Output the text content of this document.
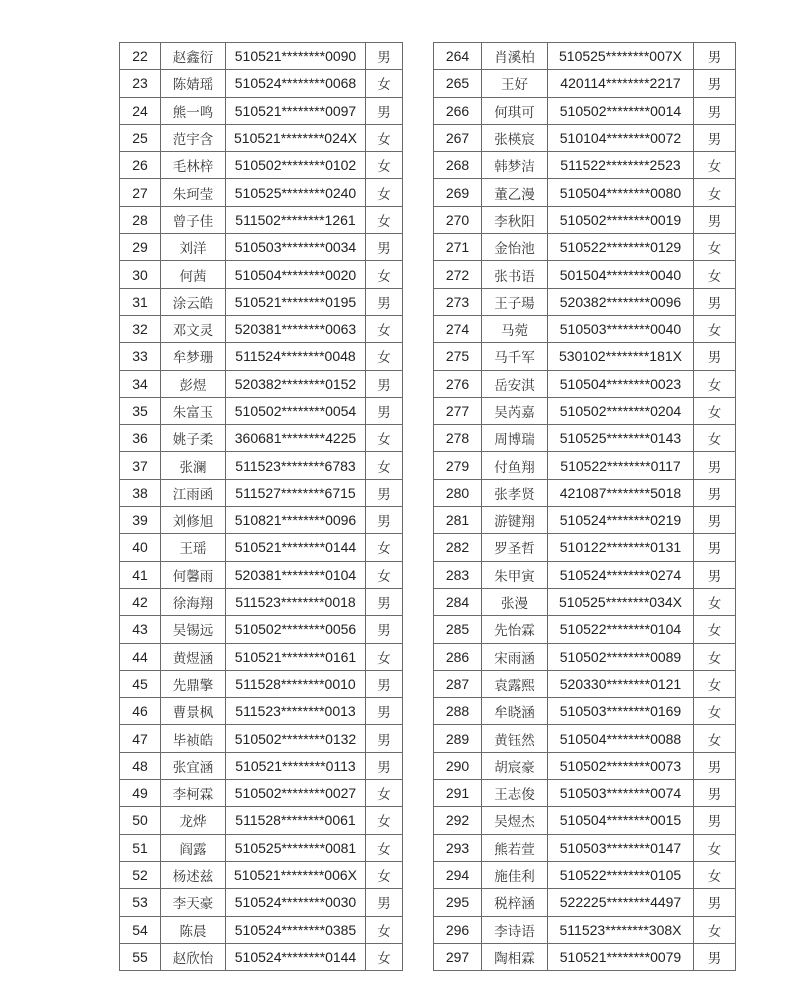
22	赵鑫衍	510521********0090	男
23	陈婧瑶	510524********0068	女
24	熊一鸣	510521********0097	男
25	范宇含	510521********024X	女
26	毛林梓	510502********0102	女
27	朱珂莹	510525********0240	女
28	曾子佳	511502********1261	女
29	刘洋	510503********0034	男
30	何茜	510504********0020	女
31	涂云皓	510521********0195	男
32	邓文灵	520381********0063	女
33	牟梦珊	511524********0048	女
34	彭煜	520382********0152	男
35	朱富玉	510502********0054	男
36	姚子柔	360681********4225	女
37	张澜	511523********6783	女
38	江雨函	511527********6715	男
39	刘修旭	510821********0096	男
40	王瑶	510521********0144	女
41	何馨雨	520381********0104	女
42	徐海翔	511523********0018	男
43	吴锡远	510502********0056	男
44	黄煜涵	510521********0161	女
45	先鼎擎	511528********0010	男
46	曹景枫	511523********0013	男
47	毕祯皓	510502********0132	男
48	张宜涵	510521********0113	男
49	李柯霖	510502********0027	女
50	龙烨	511528********0061	女
51	阎露	510525********0081	女
52	杨述兹	510521********006X	女
53	李天豪	510524********0030	男
54	陈晨	510524********0385	女
55	赵欣怡	510524********0144	女
264	肖溪柏	510525********007X	男
265	王好	420114********2217	男
266	何琪可	510502********0014	男
267	张楧宸	510104********0072	男
268	韩梦洁	511522********2523	女
269	董乙漫	510504********0080	女
270	李秋阳	510502********0019	男
271	金怡池	510522********0129	女
272	张书语	501504********0040	女
273	王子瑒	520382********0096	男
274	马菀	510503********0040	女
275	马千军	530102********181X	男
276	岳安淇	510504********0023	女
277	吴芮嘉	510502********0204	女
278	周博瑞	510525********0143	女
279	付鱼翔	510522********0117	男
280	张孝贤	421087********5018	男
281	游键翔	510524********0219	男
282	罗圣哲	510122********0131	男
283	朱甲寅	510524********0274	男
284	张漫	510525********034X	女
285	先怡霖	510522********0104	女
286	宋雨涵	510502********0089	女
287	袁露熙	520330********0121	女
288	牟晓涵	510503********0169	女
289	黄钰然	510504********0088	女
290	胡宸豪	510502********0073	男
291	王志俊	510503********0074	男
292	吴煜杰	510504********0015	男
293	熊若萱	510503********0147	女
294	施佳利	510522********0105	女
295	税梓涵	522225********4497	男
296	李诗语	511523********308X	女
297	陶相霖	510521********0079	男
